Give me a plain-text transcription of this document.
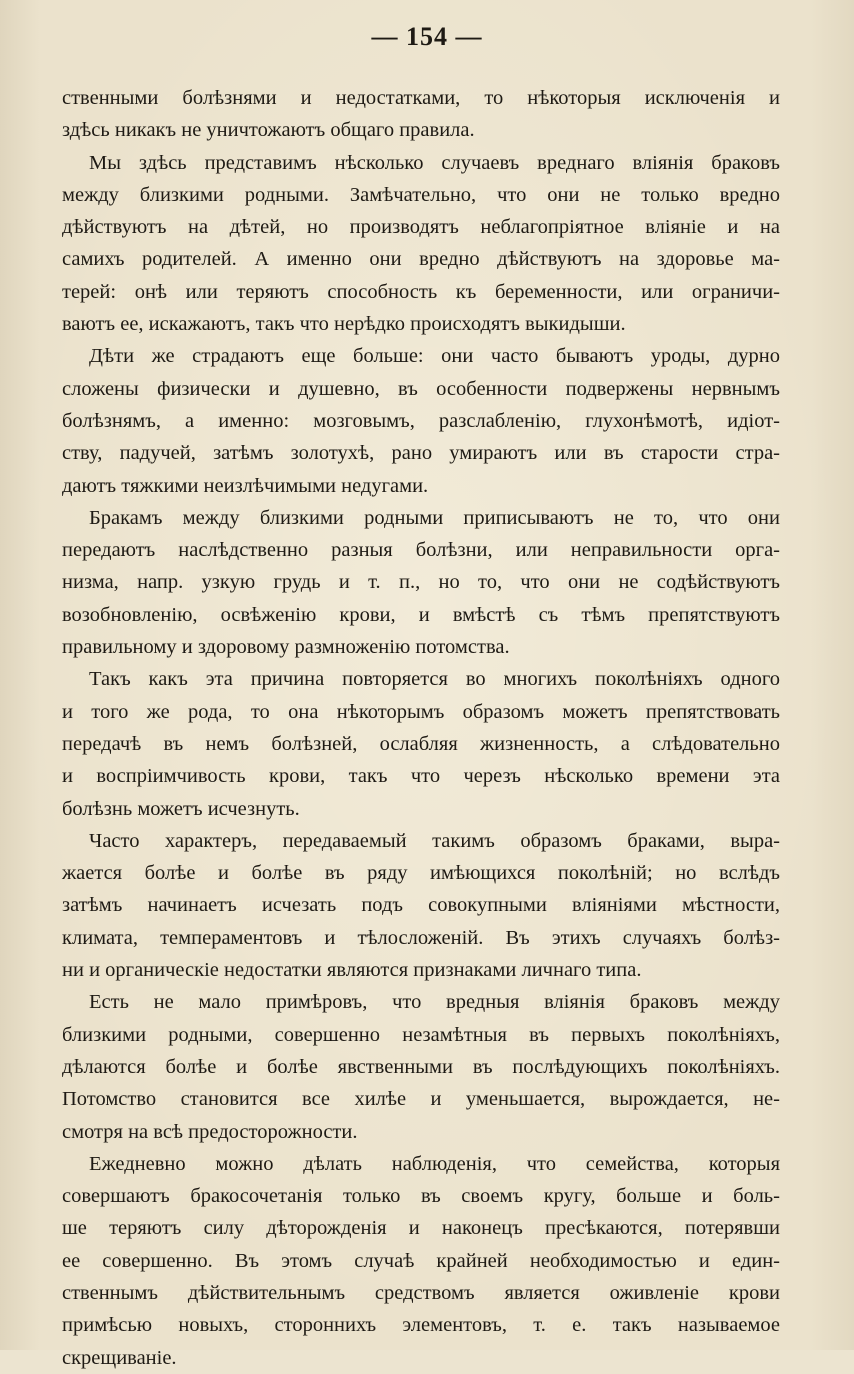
— 154 —
ственными болѣзнями и недостатками, то нѣкоторыя исключенія и
здѣсь никакъ не уничтожаютъ общаго правила.
Мы здѣсь представимъ нѣсколько случаевъ вреднаго вліянія браковъ
между близкими родными. Замѣчательно, что они не только вредно
дѣйствуютъ на дѣтей, но производятъ неблагопріятное вліяніе и на
самихъ родителей. А именно они вредно дѣйствуютъ на здоровье ма-
терей: онѣ или теряютъ способность къ беременности, или ограничи-
ваютъ ее, искажаютъ, такъ что нерѣдко происходятъ выкидыши.
Дѣти же страдаютъ еще больше: они часто бываютъ уроды, дурно
сложены физически и душевно, въ особенности подвержены нервнымъ
болѣзнямъ, а именно: мозговымъ, разслабленію, глухонѣмотѣ, идіот-
ству, падучей, затѣмъ золотухѣ, рано умираютъ или въ старости стра-
даютъ тяжкими неизлѣчимыми недугами.
Бракамъ между близкими родными приписываютъ не то, что они
передаютъ наслѣдственно разныя болѣзни, или неправильности орга-
низма, напр. узкую грудь и т. п., но то, что они не содѣйствуютъ
возобновленію, освѣженію крови, и вмѣстѣ съ тѣмъ препятствуютъ
правильному и здоровому размноженію потомства.
Такъ какъ эта причина повторяется во многихъ поколѣніяхъ одного
и того же рода, то она нѣкоторымъ образомъ можетъ препятствовать
передачѣ въ немъ болѣзней, ослабляя жизненность, а слѣдовательно
и воспріимчивость крови, такъ что черезъ нѣсколько времени эта
болѣзнь можетъ исчезнуть.
Часто характеръ, передаваемый такимъ образомъ браками, выра-
жается болѣе и болѣе въ ряду имѣющихся поколѣній; но вслѣдъ
затѣмъ начинаетъ исчезать подъ совокупными вліяніями мѣстности,
климата, темпераментовъ и тѣлосложеній. Въ этихъ случаяхъ болѣз-
ни и органическіе недостатки являются признаками личнаго типа.
Есть не мало примѣровъ, что вредныя вліянія браковъ между
близкими родными, совершенно незамѣтныя въ первыхъ поколѣніяхъ,
дѣлаются болѣе и болѣе явственными въ послѣдующихъ поколѣніяхъ.
Потомство становится все хилѣе и уменьшается, вырождается, не-
смотря на всѣ предосторожности.
Ежедневно можно дѣлать наблюденія, что семейства, которыя
совершаютъ бракосочетанія только въ своемъ кругу, больше и боль-
ше теряютъ силу дѣторожденія и наконецъ пресѣкаются, потерявши
ее совершенно. Въ этомъ случаѣ крайней необходимостью и един-
ственнымъ дѣйствительнымъ средствомъ является оживленіе крови
примѣсью новыхъ, стороннихъ элементовъ, т. е. такъ называемое
скрещиваніе.
